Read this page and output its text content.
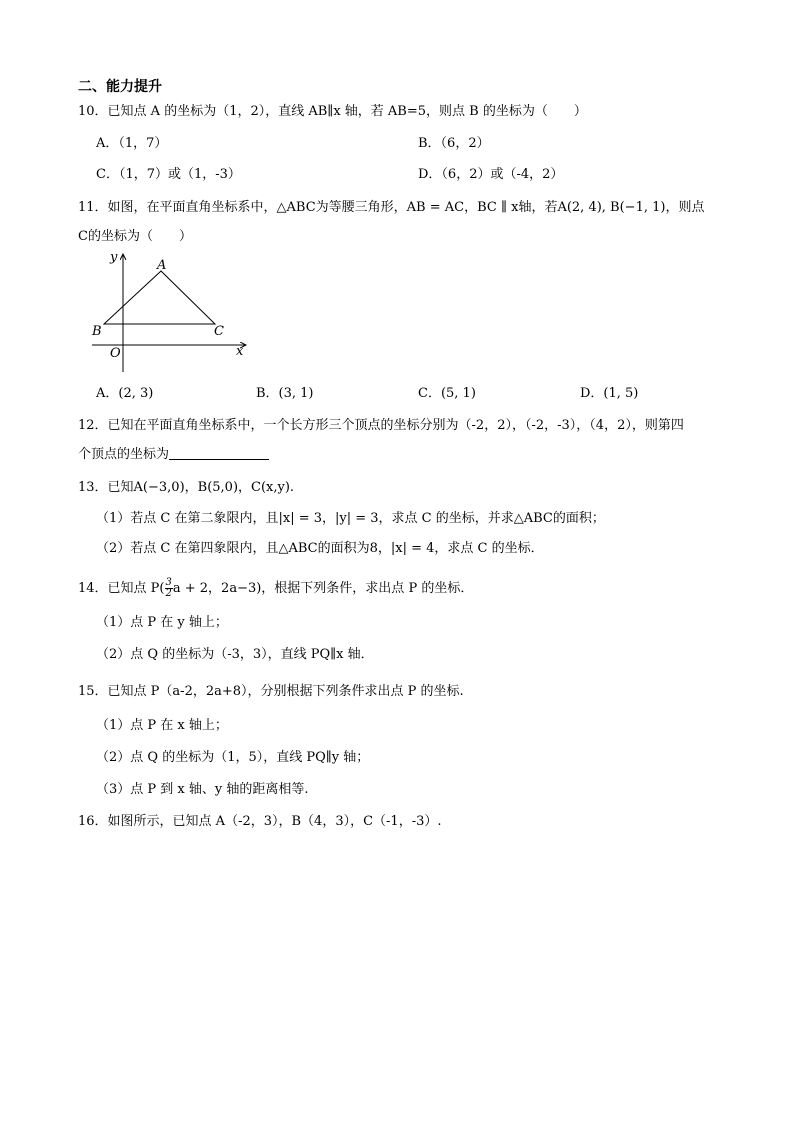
二、能力提升
10．已知点 A 的坐标为（1，2），直线 AB∥x 轴，若 AB=5，则点 B 的坐标为（　　）
A．（1，7）	B．（6，2）
C．（1，7）或（1，-3）	D．（6，2）或（-4，2）
11．如图，在平面直角坐标系中，△ABC为等腰三角形，AB = AC，BC ∥ x轴，若A(2, 4), B(−1, 1)，则点
C的坐标为（　　）
y
x
A
B	C
O
A．(2, 3)	B．(3, 1)	C．(5, 1)	D．(1, 5)
12．已知在平面直角坐标系中，一个长方形三个顶点的坐标分别为（-2，2），（-2，-3），（4，2），则第四
个顶点的坐标为
13．已知A(−3,0)，B(5,0)，C(x,y).
（1）若点 C 在第二象限内，且|x| = 3，|y| = 3，求点 C 的坐标，并求△ABC的面积；
（2）若点 C 在第四象限内，且△ABC的面积为8，|x| = 4，求点 C 的坐标．
14．已知点 $P( \frac{3}{2}$ a + 2，2a−3)，根据下列条件，求出点 P 的坐标．
（1）点 P 在 y 轴上；
（2）点 Q 的坐标为（-3，3），直线 PQ∥x 轴．
15．已知点 P（a-2，2a+8），分别根据下列条件求出点 P 的坐标.
（1）点 P 在 x 轴上；
（2）点 Q 的坐标为（1，5），直线 PQ∥y 轴；
（3）点 P 到 x 轴、y 轴的距离相等.
16．如图所示，已知点 A（-2，3），B（4，3），C（-1，-3）.
